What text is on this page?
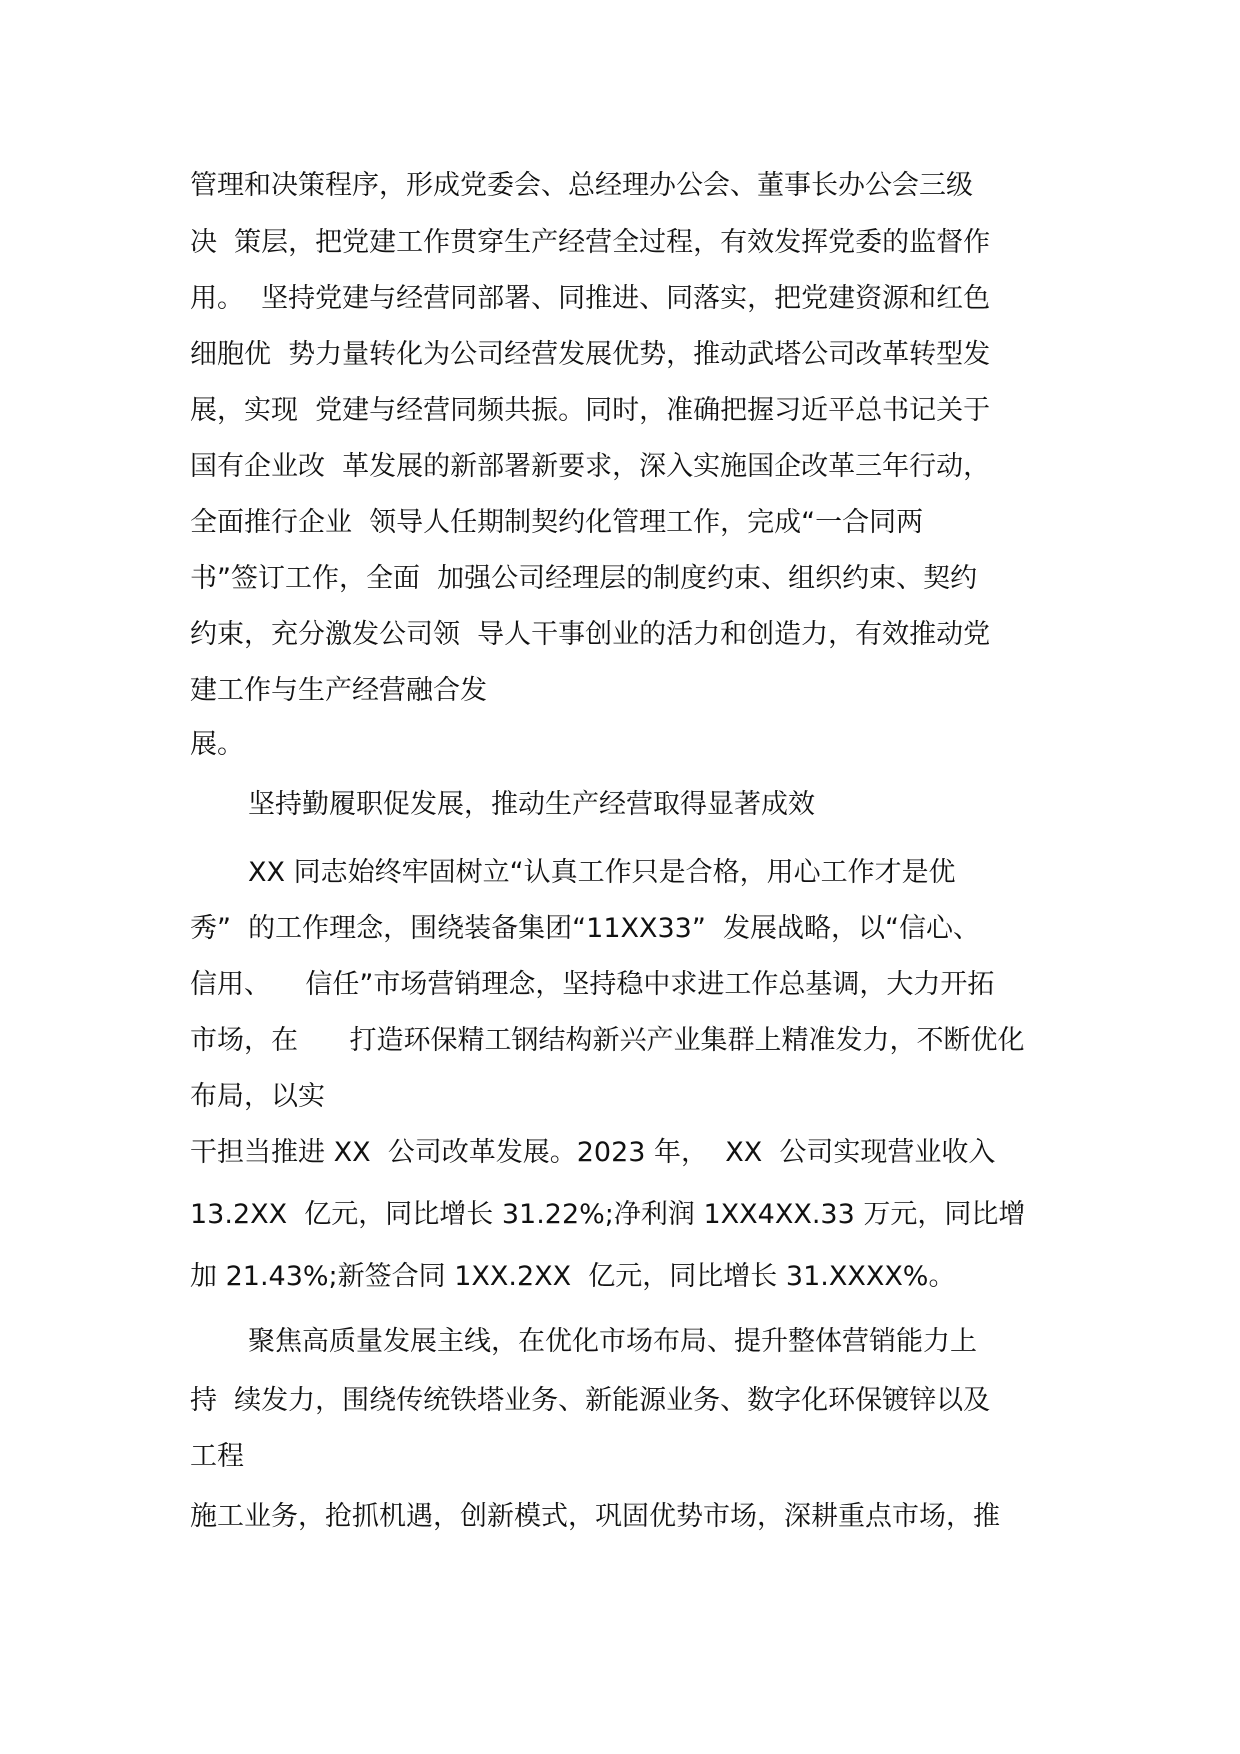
管理和决策程序，形成党委会、总经理办公会、董事长办公会三级
决  策层，把党建工作贯穿生产经营全过程，有效发挥党委的监督作
用。  坚持党建与经营同部署、同推进、同落实，把党建资源和红色
细胞优  势力量转化为公司经营发展优势，推动武塔公司改革转型发
展，实现  党建与经营同频共振。同时，准确把握习近平总书记关于
国有企业改  革发展的新部署新要求，深入实施国企改革三年行动，
全面推行企业  领导人任期制契约化管理工作，完成“一合同两
书”签订工作，全面  加强公司经理层的制度约束、组织约束、契约
约束，充分激发公司领  导人干事创业的活力和创造力，有效推动党
建工作与生产经营融合发
展。
坚持勤履职促发展，推动生产经营取得显著成效
XX 同志始终牢固树立“认真工作只是合格，用心工作才是优
秀”  的工作理念，围绕装备集团“11XX33”  发展战略，以“信心、
信用、    信任”市场营销理念，坚持稳中求进工作总基调，大力开拓
市场，在      打造环保精工钢结构新兴产业集群上精准发力，不断优化
布局，以实
干担当推进 XX  公司改革发展。2023 年，  XX  公司实现营业收入
13.2XX  亿元，同比增长 31.22%;净利润 1XX4XX.33 万元，同比增
加 21.43%;新签合同 1XX.2XX  亿元，同比增长 31.XXXX%。
聚焦高质量发展主线，在优化市场布局、提升整体营销能力上
持  续发力，围绕传统铁塔业务、新能源业务、数字化环保镀锌以及
工程
施工业务，抢抓机遇，创新模式，巩固优势市场，深耕重点市场，推
